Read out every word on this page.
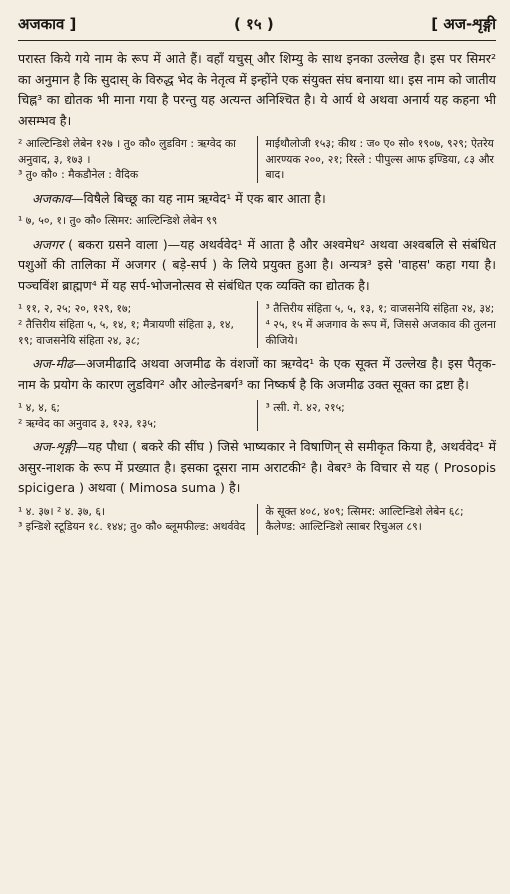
अजकाव ]	( १५ )	[ अज-शृङ्गी

परास्त किये गये नाम के रूप में आते हैं। वहाँ यचुस् और शिम्यु के साथ इनका उल्लेख है। इस पर सिमर² का अनुमान है कि सुदास् के विरुद्ध भेद के नेतृत्व में इन्होंने एक संयुक्त संघ बनाया था। इस नाम को जातीय चिह्न³ का द्योतक भी माना गया है परन्तु यह अत्यन्त अनिश्चित है। ये आर्य थे अथवा अनार्य यह कहना भी असम्भव है।

² आल्टिन्डिशे लेबेन १२७ । तु० कौ० लुडविग : ऋग्वेद का अनुवाद, ३, १७३ ।
³ तु० कौ० : मैकडौनेल : वैदिक
माईथौलोजी १५३; कीथ : ज० ए० सो० १९०७, ९२९; ऐतरेय आरण्यक २००, २१; रिस्ले : पीपुल्स आफ इण्डिया, ८३ और बाद।

अजकाव—विषैले बिच्छू का यह नाम ऋग्वेद¹ में एक बार आता है।

¹ ७, ५०, १। तु० कौ० त्सिमर: आल्टिन्डिशे लेबेन ९९

अजगर ( बकरा ग्रसने वाला )—यह अथर्ववेद¹ में आता है और अश्वमेध² अथवा अश्वबलि से संबंधित पशुओं की तालिका में अजगर ( बड़े-सर्प ) के लिये प्रयुक्त हुआ है। अन्यत्र³ इसे 'वाहस' कहा गया है। पञ्चविंश ब्राह्मण⁴ में यह सर्प-भोजनोत्सव से संबंधित एक व्यक्ति का द्योतक है।

¹ ११, २, २५; २०, १२९, १७;
² तैत्तिरीय संहिता ५, ५, १४, १; मैत्रायणी संहिता ३, १४, १९; वाजसनेयि संहिता २४, ३८;
³ तैत्तिरीय संहिता ५, ५, १३, १; वाजसनेयि संहिता २४, ३४;
⁴ २५, १५ में अजगाव के रूप में, जिससे अजकाव की तुलना कीजिये।

अज-मीढ—अजमीढादि अथवा अजमीढ के वंशजों का ऋग्वेद¹ के एक सूक्त में उल्लेख है। इस पैतृक-नाम के प्रयोग के कारण लुडविग² और ओल्डेनबर्ग³ का निष्कर्ष है कि अजमीढ उक्त सूक्त का द्रष्टा है।

¹ ४, ४, ६;
² ऋग्वेद का अनुवाद ३, १२३, १३५;
³ त्सी. गे. ४२, २१५;

अज-शृङ्गी—यह पौधा ( बकरे की सींघ ) जिसे भाष्यकार ने विषाणिन् से समीकृत किया है, अथर्ववेद¹ में असुर-नाशक के रूप में प्रख्यात है। इसका दूसरा नाम अराटकी² है। वेबर³ के विचार से यह ( Prosopis spicigera ) अथवा ( Mimosa suma ) है।

¹ ४. ३७। ² ४. ३७, ६।
³ इन्डिशे स्टूडियन १८. १४४; तु० कौ० ब्लूमफील्ड: अथर्ववेद
के सूक्त ४०८, ४०९; त्सिमर: आल्टिन्डिशे लेबेन ६८; कैलेण्ड: आल्टिन्डिशे त्साबर रिचुअल ८९।
